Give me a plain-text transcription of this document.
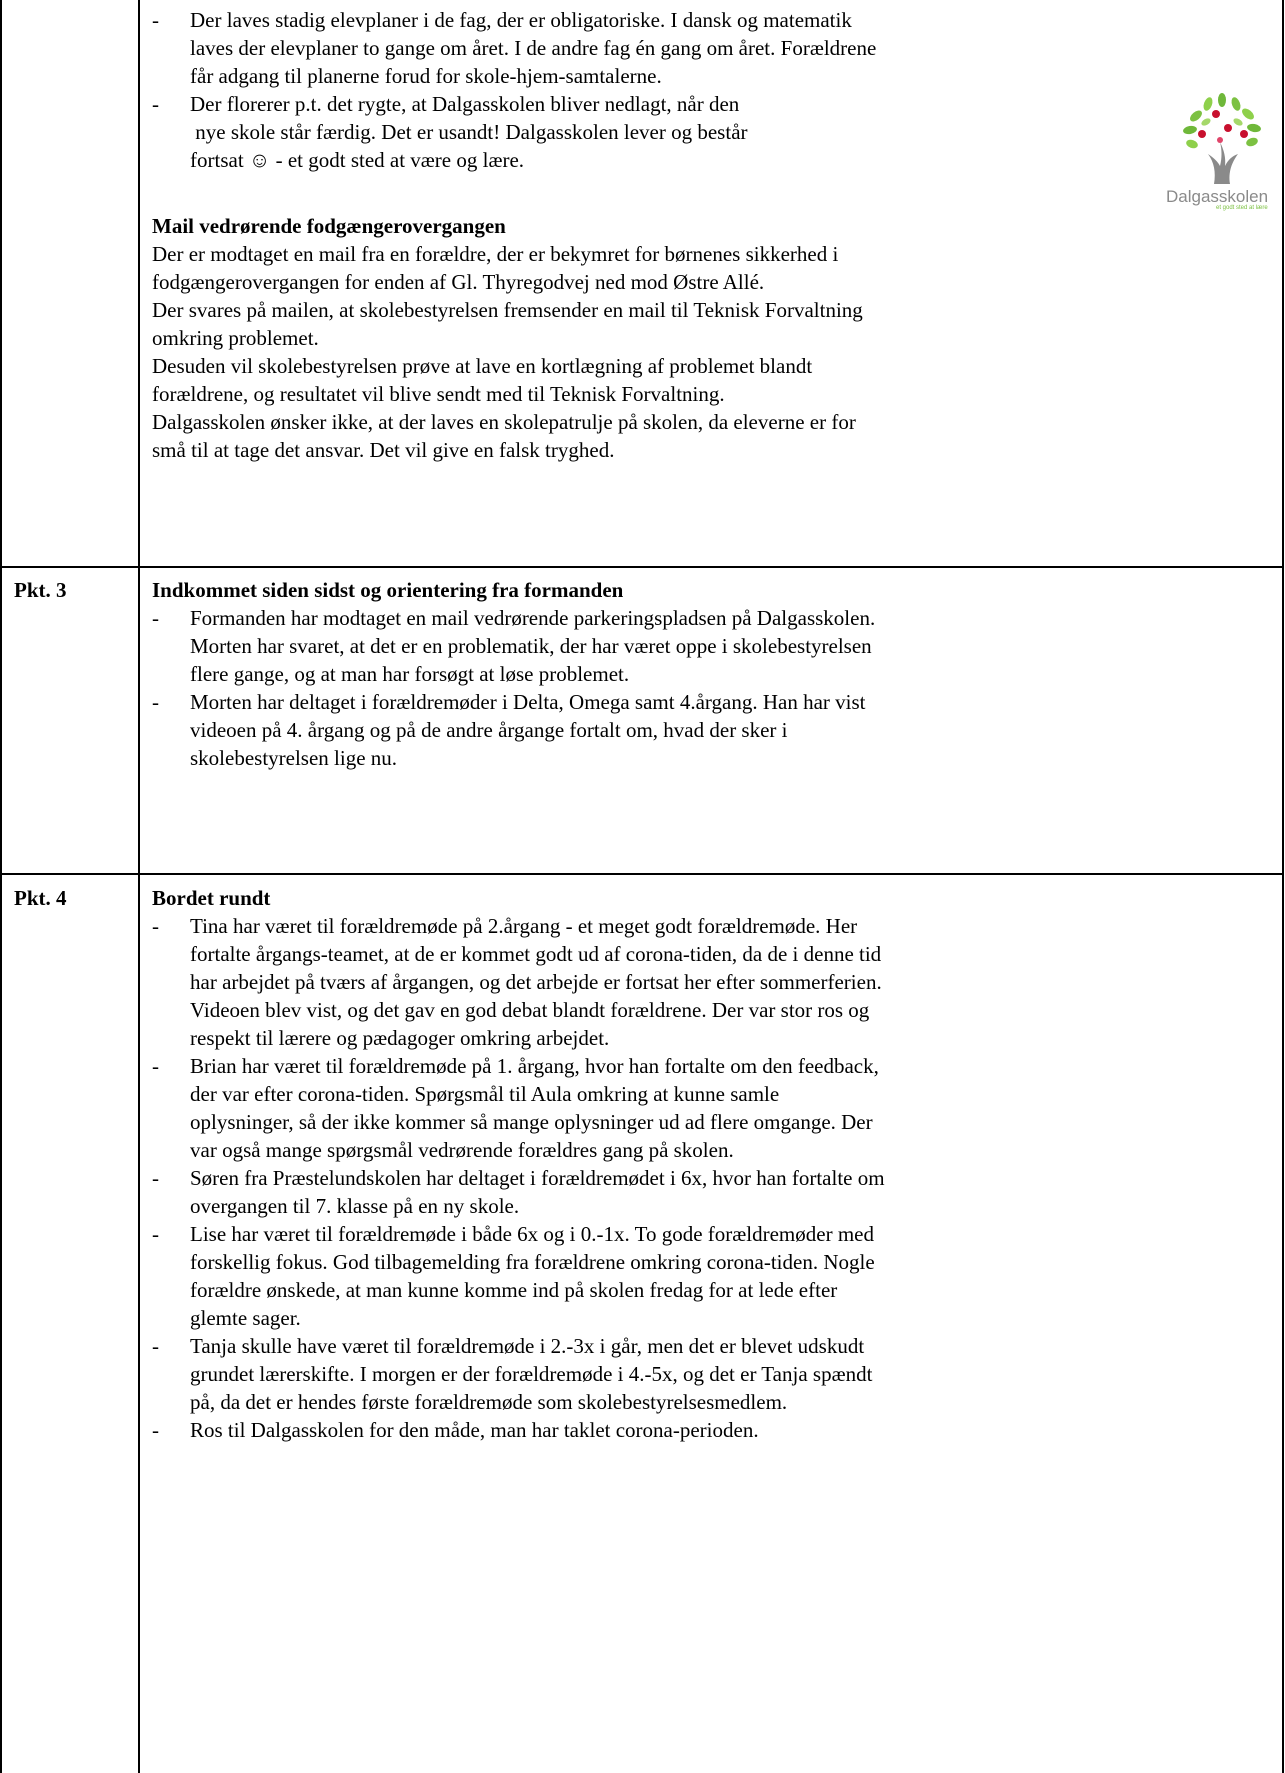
- Der laves stadig elevplaner i de fag, der er obligatoriske. I dansk og matematik
laves der elevplaner to gange om året. I de andre fag én gang om året. Forældrene
får adgang til planerne forud for skole-hjem-samtalerne.
- Der florerer p.t. det rygte, at Dalgasskolen bliver nedlagt, når den
nye skole står færdig. Det er usandt! Dalgasskolen lever og består
fortsat ☺ - et godt sted at være og lære.
Dalgasskolen
et godt sted at lære
Mail vedrørende fodgængerovergangen
Der er modtaget en mail fra en forældre, der er bekymret for børnenes sikkerhed i
fodgængerovergangen for enden af Gl. Thyregodvej ned mod Østre Allé.
Der svares på mailen, at skolebestyrelsen fremsender en mail til Teknisk Forvaltning
omkring problemet.
Desuden vil skolebestyrelsen prøve at lave en kortlægning af problemet blandt
forældrene, og resultatet vil blive sendt med til Teknisk Forvaltning.
Dalgasskolen ønsker ikke, at der laves en skolepatrulje på skolen, da eleverne er for
små til at tage det ansvar. Det vil give en falsk tryghed.
Pkt. 3	Indkommet siden sidst og orientering fra formanden
- Formanden har modtaget en mail vedrørende parkeringspladsen på Dalgasskolen.
Morten har svaret, at det er en problematik, der har været oppe i skolebestyrelsen
flere gange, og at man har forsøgt at løse problemet.
- Morten har deltaget i forældremøder i Delta, Omega samt 4.årgang. Han har vist
videoen på 4. årgang og på de andre årgange fortalt om, hvad der sker i
skolebestyrelsen lige nu.
Pkt. 4	Bordet rundt
- Tina har været til forældremøde på 2.årgang - et meget godt forældremøde. Her
fortalte årgangs-teamet, at de er kommet godt ud af corona-tiden, da de i denne tid
har arbejdet på tværs af årgangen, og det arbejde er fortsat her efter sommerferien.
Videoen blev vist, og det gav en god debat blandt forældrene. Der var stor ros og
respekt til lærere og pædagoger omkring arbejdet.
- Brian har været til forældremøde på 1. årgang, hvor han fortalte om den feedback,
der var efter corona-tiden. Spørgsmål til Aula omkring at kunne samle
oplysninger, så der ikke kommer så mange oplysninger ud ad flere omgange. Der
var også mange spørgsmål vedrørende forældres gang på skolen.
- Søren fra Præstelundskolen har deltaget i forældremødet i 6x, hvor han fortalte om
overgangen til 7. klasse på en ny skole.
- Lise har været til forældremøde i både 6x og i 0.-1x. To gode forældremøder med
forskellig fokus. God tilbagemelding fra forældrene omkring corona-tiden. Nogle
forældre ønskede, at man kunne komme ind på skolen fredag for at lede efter
glemte sager.
- Tanja skulle have været til forældremøde i 2.-3x i går, men det er blevet udskudt
grundet lærerskifte. I morgen er der forældremøde i 4.-5x, og det er Tanja spændt
på, da det er hendes første forældremøde som skolebestyrelsesmedlem.
- Ros til Dalgasskolen for den måde, man har taklet corona-perioden.
